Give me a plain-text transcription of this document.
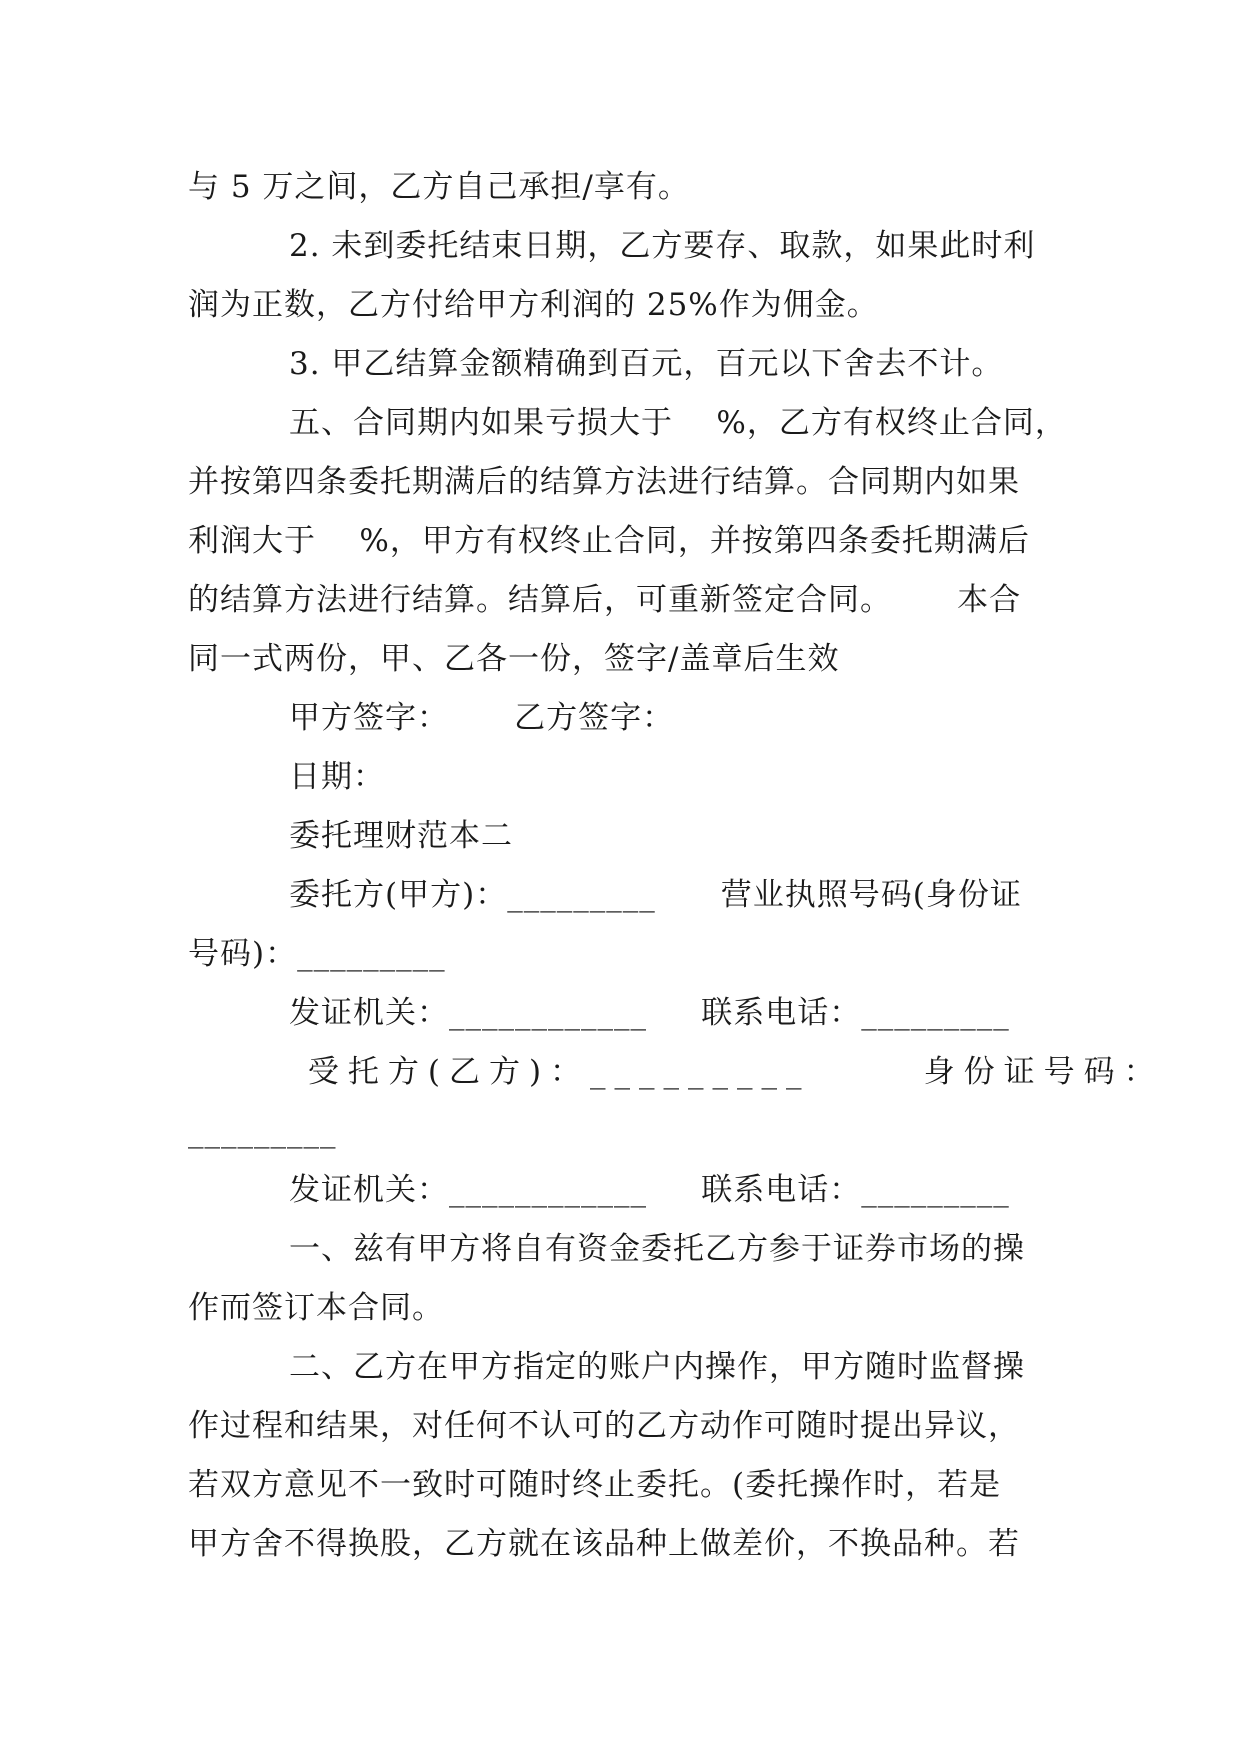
与 5 万之间，乙方自己承担/享有。
2. 未到委托结束日期，乙方要存、取款，如果此时利
润为正数，乙方付给甲方利润的 25%作为佣金。
3. 甲乙结算金额精确到百元，百元以下舍去不计。
五、合同期内如果亏损大于    %，乙方有权终止合同，
并按第四条委托期满后的结算方法进行结算。合同期内如果
利润大于    %，甲方有权终止合同，并按第四条委托期满后
的结算方法进行结算。结算后，可重新签定合同。      本合
同一式两份，甲、乙各一份，签字/盖章后生效
甲方签字：      乙方签字：
日期：
委托理财范本二
委托方(甲方)：_________      营业执照号码(身份证
号码)：_________
发证机关：____________     联系电话：_________
受托方(乙方)：_________      身份证号码：
_________
发证机关：____________     联系电话：_________
一、兹有甲方将自有资金委托乙方参于证券市场的操
作而签订本合同。
二、乙方在甲方指定的账户内操作，甲方随时监督操
作过程和结果，对任何不认可的乙方动作可随时提出异议，
若双方意见不一致时可随时终止委托。(委托操作时，若是
甲方舍不得换股，乙方就在该品种上做差价，不换品种。若
